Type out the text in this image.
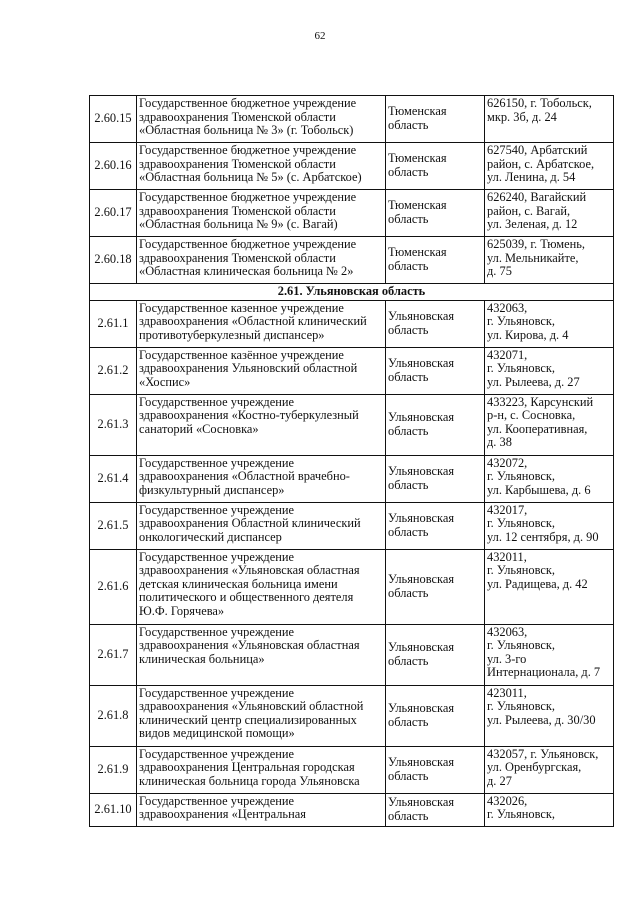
62
2.60.15	Государственное бюджетное учреждение
здравоохранения Тюменской области
«Областная больница № 3» (г. Тобольск)	Тюменская
область	626150, г. Тобольск,
мкр. 3б, д. 24

2.60.16	Государственное бюджетное учреждение
здравоохранения Тюменской области
«Областная больница № 5» (с. Арбатское)	Тюменская
область	627540, Арбатский
район, с. Арбатское,
ул. Ленина, д. 54

2.60.17	Государственное бюджетное учреждение
здравоохранения Тюменской области
«Областная больница № 9» (с. Вагай)	Тюменская
область	626240, Вагайский
район, с. Вагай,
ул. Зеленая, д. 12

2.60.18	Государственное бюджетное учреждение
здравоохранения Тюменской области
«Областная клиническая больница № 2»	Тюменская
область	625039, г. Тюмень,
ул. Мельникайте,
д. 75

2.61. Ульяновская область			
2.61.1	Государственное казенное учреждение
здравоохранения «Областной клинический
противотуберкулезный диспансер»	Ульяновская
область	432063,
г. Ульяновск,
ул. Кирова, д. 4

2.61.2	Государственное казённое учреждение
здравоохранения Ульяновский областной
«Хоспис»	Ульяновская
область	432071,
г. Ульяновск,
ул. Рылеева, д. 27

2.61.3	Государственное учреждение
здравоохранения «Костно-туберкулезный
санаторий «Сосновка»	Ульяновская
область	433223, Карсунский
р-н, с. Сосновка,
ул. Кооперативная,
д. 38

2.61.4	Государственное учреждение
здравоохранения «Областной врачебно-
физкультурный диспансер»	Ульяновская
область	432072,
г. Ульяновск,
ул. Карбышева, д. 6

2.61.5	Государственное учреждение
здравоохранения Областной клинический
онкологический диспансер	Ульяновская
область	432017,
г. Ульяновск,
ул. 12 сентября, д. 90

2.61.6	Государственное учреждение
здравоохранения «Ульяновская областная
детская клиническая больница имени
политического и общественного деятеля
Ю.Ф. Горячева»	Ульяновская
область	432011,
г. Ульяновск,
ул. Радищева, д. 42

2.61.7	Государственное учреждение
здравоохранения «Ульяновская областная
клиническая больница»	Ульяновская
область	432063,
г. Ульяновск,
ул. 3-го
Интернационала, д. 7

2.61.8	Государственное учреждение
здравоохранения «Ульяновский областной
клинический центр специализированных
видов медицинской помощи»	Ульяновская
область	423011,
г. Ульяновск,
ул. Рылеева, д. 30/30

2.61.9	Государственное учреждение
здравоохранения Центральная городская
клиническая больница города Ульяновска	Ульяновская
область	432057, г. Ульяновск,
ул. Оренбургская,
д. 27

2.61.10	Государственное учреждение
здравоохранения «Центральная	Ульяновская
область	432026,
г. Ульяновск,
